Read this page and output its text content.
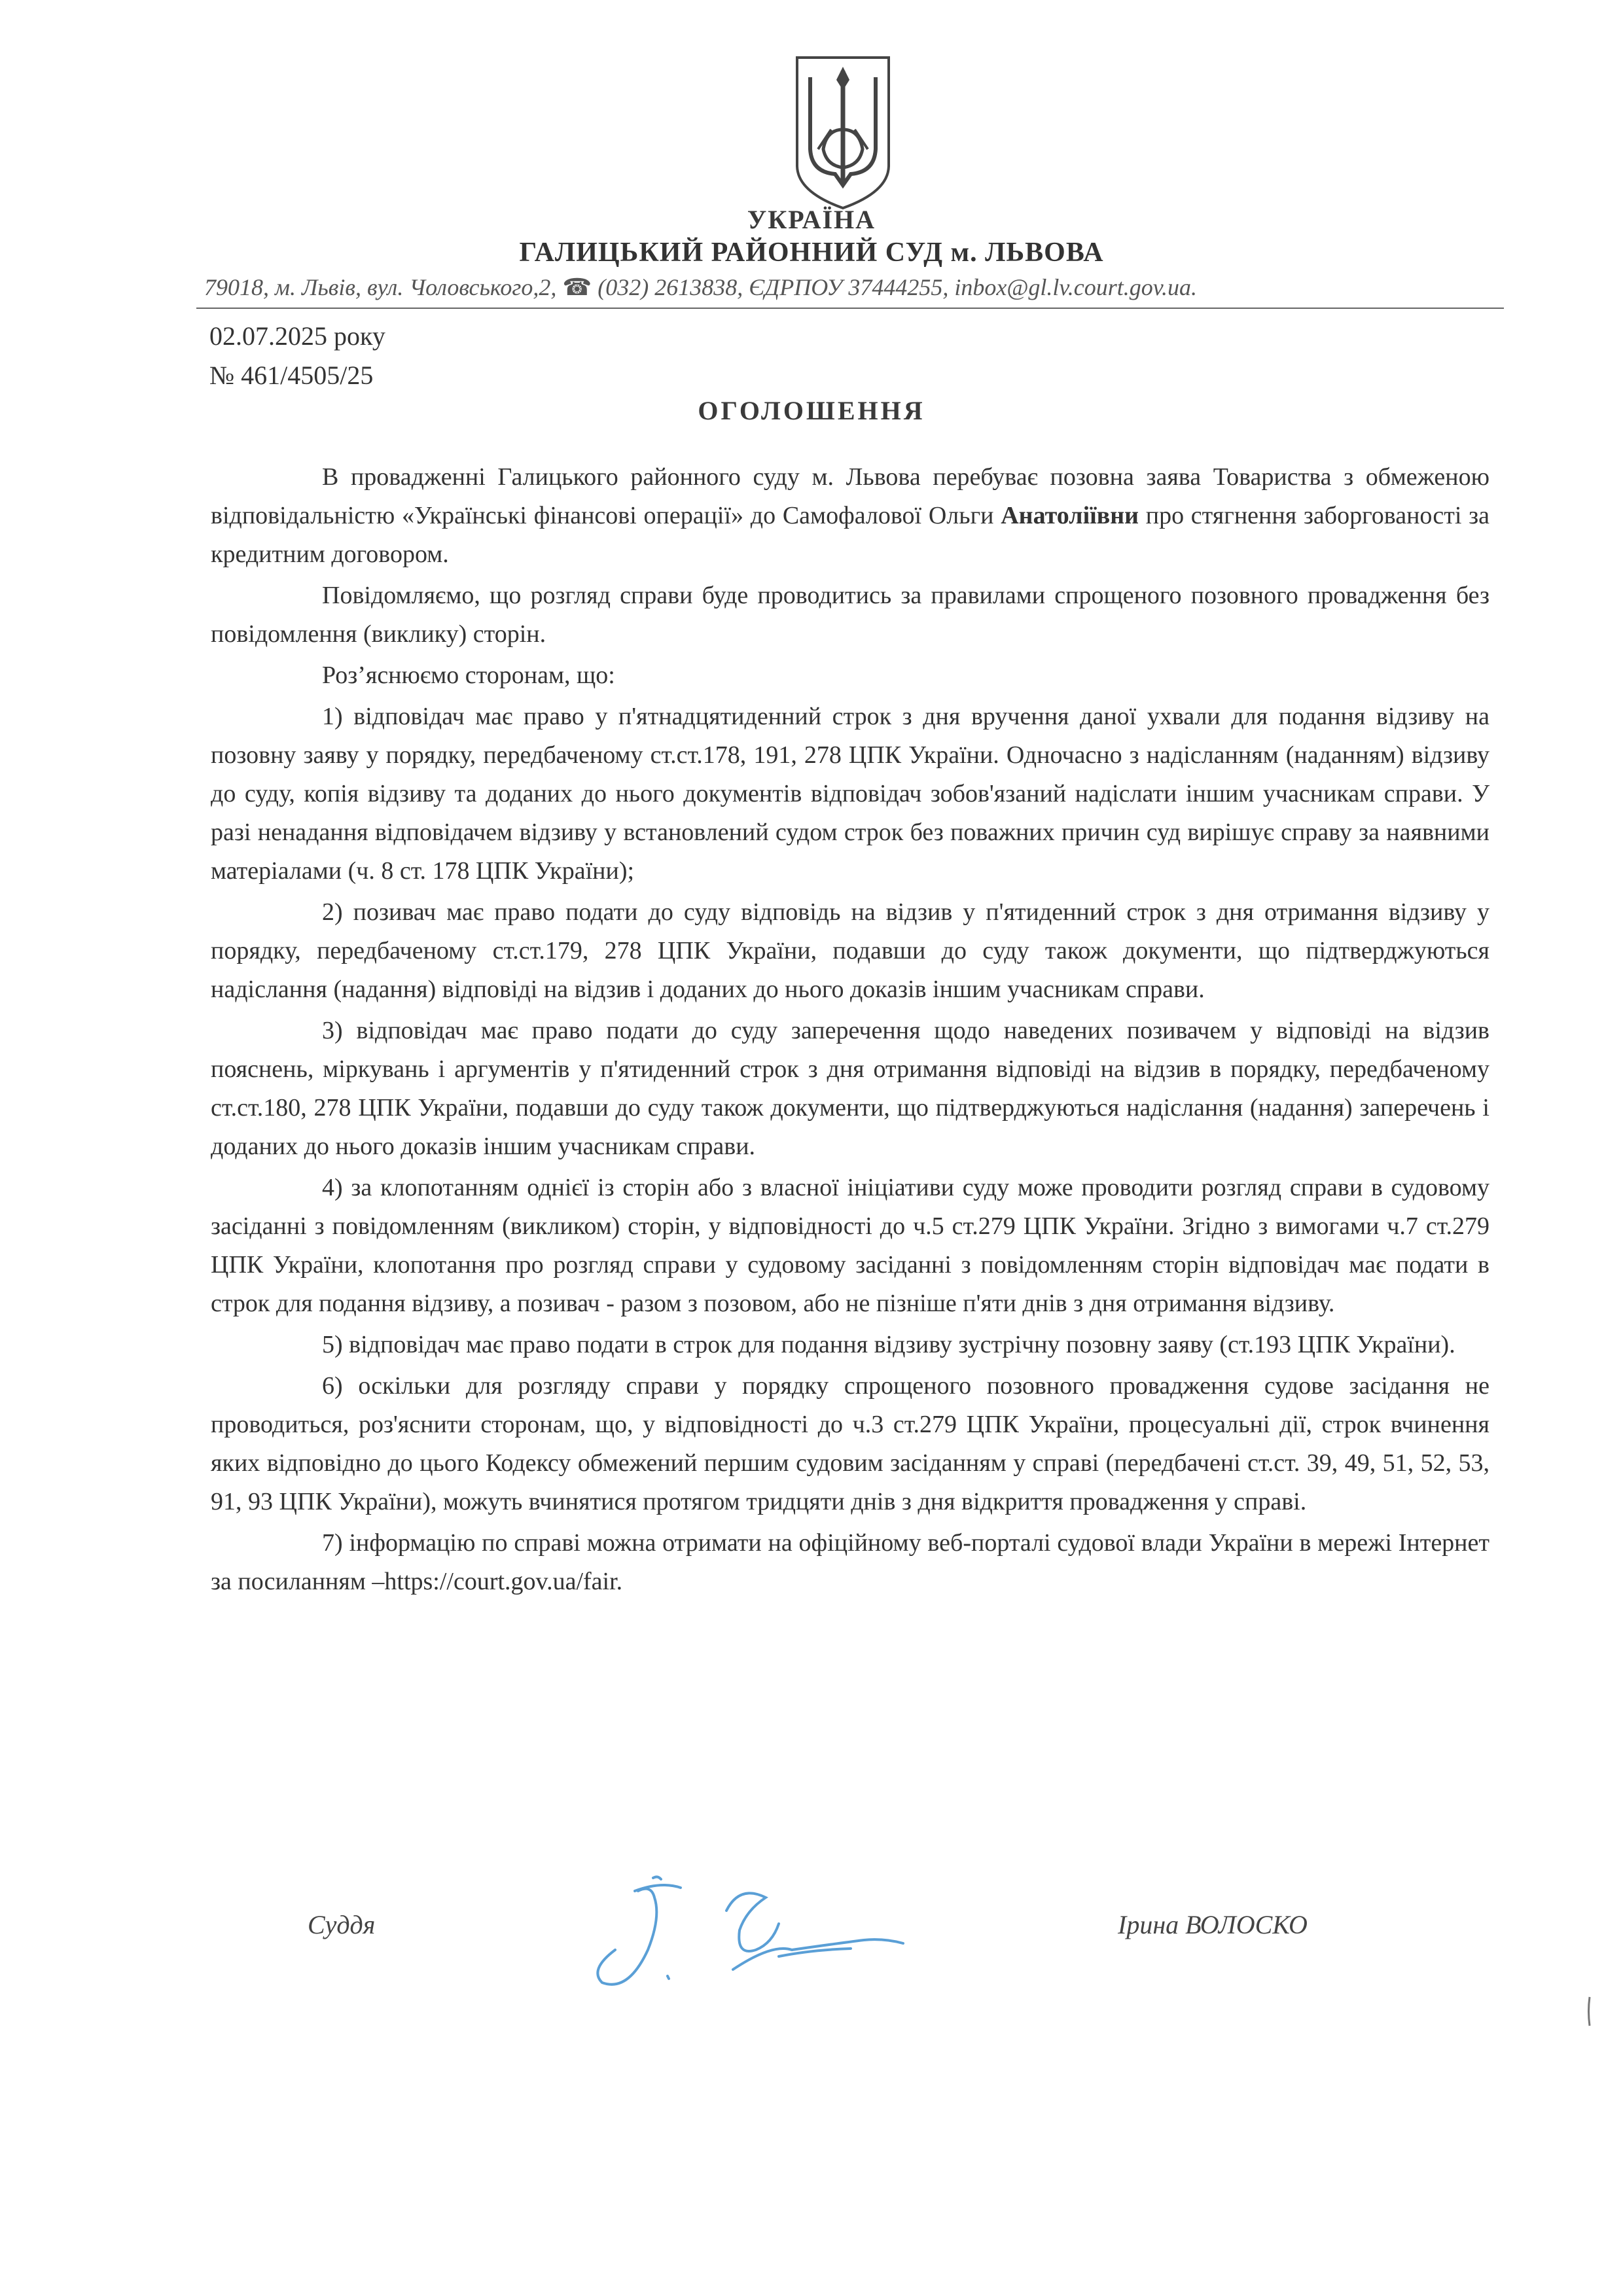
УКРАЇНА
ГАЛИЦЬКИЙ РАЙОННИЙ СУД м. ЛЬВОВА
79018, м. Львів, вул. Чоловського,2, ☎ (032) 2613838, ЄДРПОУ 37444255, inbox@gl.lv.court.gov.ua.
02.07.2025 року
№ 461/4505/25
ОГОЛОШЕННЯ

В провадженні Галицького районного суду м. Львова перебуває позовна заява Товариства з обмеженою відповідальністю «Українські фінансові операції» до Самофалової Ольги Анатоліївни про стягнення заборгованості за кредитним договором.

Повідомляємо, що розгляд справи буде проводитись за правилами спрощеного позовного провадження без повідомлення (виклику) сторін.

Роз’яснюємо сторонам, що:

1) відповідач має право у п'ятнадцятиденний строк з дня вручення даної ухвали для подання відзиву на позовну заяву у порядку, передбаченому ст.ст.178, 191, 278 ЦПК України. Одночасно з надісланням (наданням) відзиву до суду, копія відзиву та доданих до нього документів відповідач зобов'язаний надіслати іншим учасникам справи. У разі ненадання відповідачем відзиву у встановлений судом строк без поважних причин суд вирішує справу за наявними матеріалами (ч. 8 ст. 178 ЦПК України);

2) позивач має право подати до суду відповідь на відзив у п'ятиденний строк з дня отримання відзиву у порядку, передбаченому ст.ст.179, 278 ЦПК України, подавши до суду також документи, що підтверджуються надіслання (надання) відповіді на відзив і доданих до нього доказів іншим учасникам справи.

3) відповідач має право подати до суду заперечення щодо наведених позивачем у відповіді на відзив пояснень, міркувань і аргументів у п'ятиденний строк з дня отримання відповіді на відзив в порядку, передбаченому ст.ст.180, 278 ЦПК України, подавши до суду також документи, що підтверджуються надіслання (надання) заперечень і доданих до нього доказів іншим учасникам справи.

4) за клопотанням однієї із сторін або з власної ініціативи суду може проводити розгляд справи в судовому засіданні з повідомленням (викликом) сторін, у відповідності до ч.5 ст.279 ЦПК України. Згідно з вимогами ч.7 ст.279 ЦПК України, клопотання про розгляд справи у судовому засіданні з повідомленням сторін відповідач має подати в строк для подання відзиву, а позивач - разом з позовом, або не пізніше п'яти днів з дня отримання відзиву.

5) відповідач має право подати в строк для подання відзиву зустрічну позовну заяву (ст.193 ЦПК України).

6) оскільки для розгляду справи у порядку спрощеного позовного провадження судове засідання не проводиться, роз'яснити сторонам, що, у відповідності до ч.3 ст.279 ЦПК України, процесуальні дії, строк вчинення яких відповідно до цього Кодексу обмежений першим судовим засіданням у справі (передбачені ст.ст. 39, 49, 51, 52, 53, 91, 93 ЦПК України), можуть вчинятися протягом тридцяти днів з дня відкриття провадження у справі.

7) інформацію по справі можна отримати на офіційному веб-порталі судової влади України в мережі Інтернет за посиланням –https://court.gov.ua/fair.

Суддя	Ірина ВОЛОСКО
